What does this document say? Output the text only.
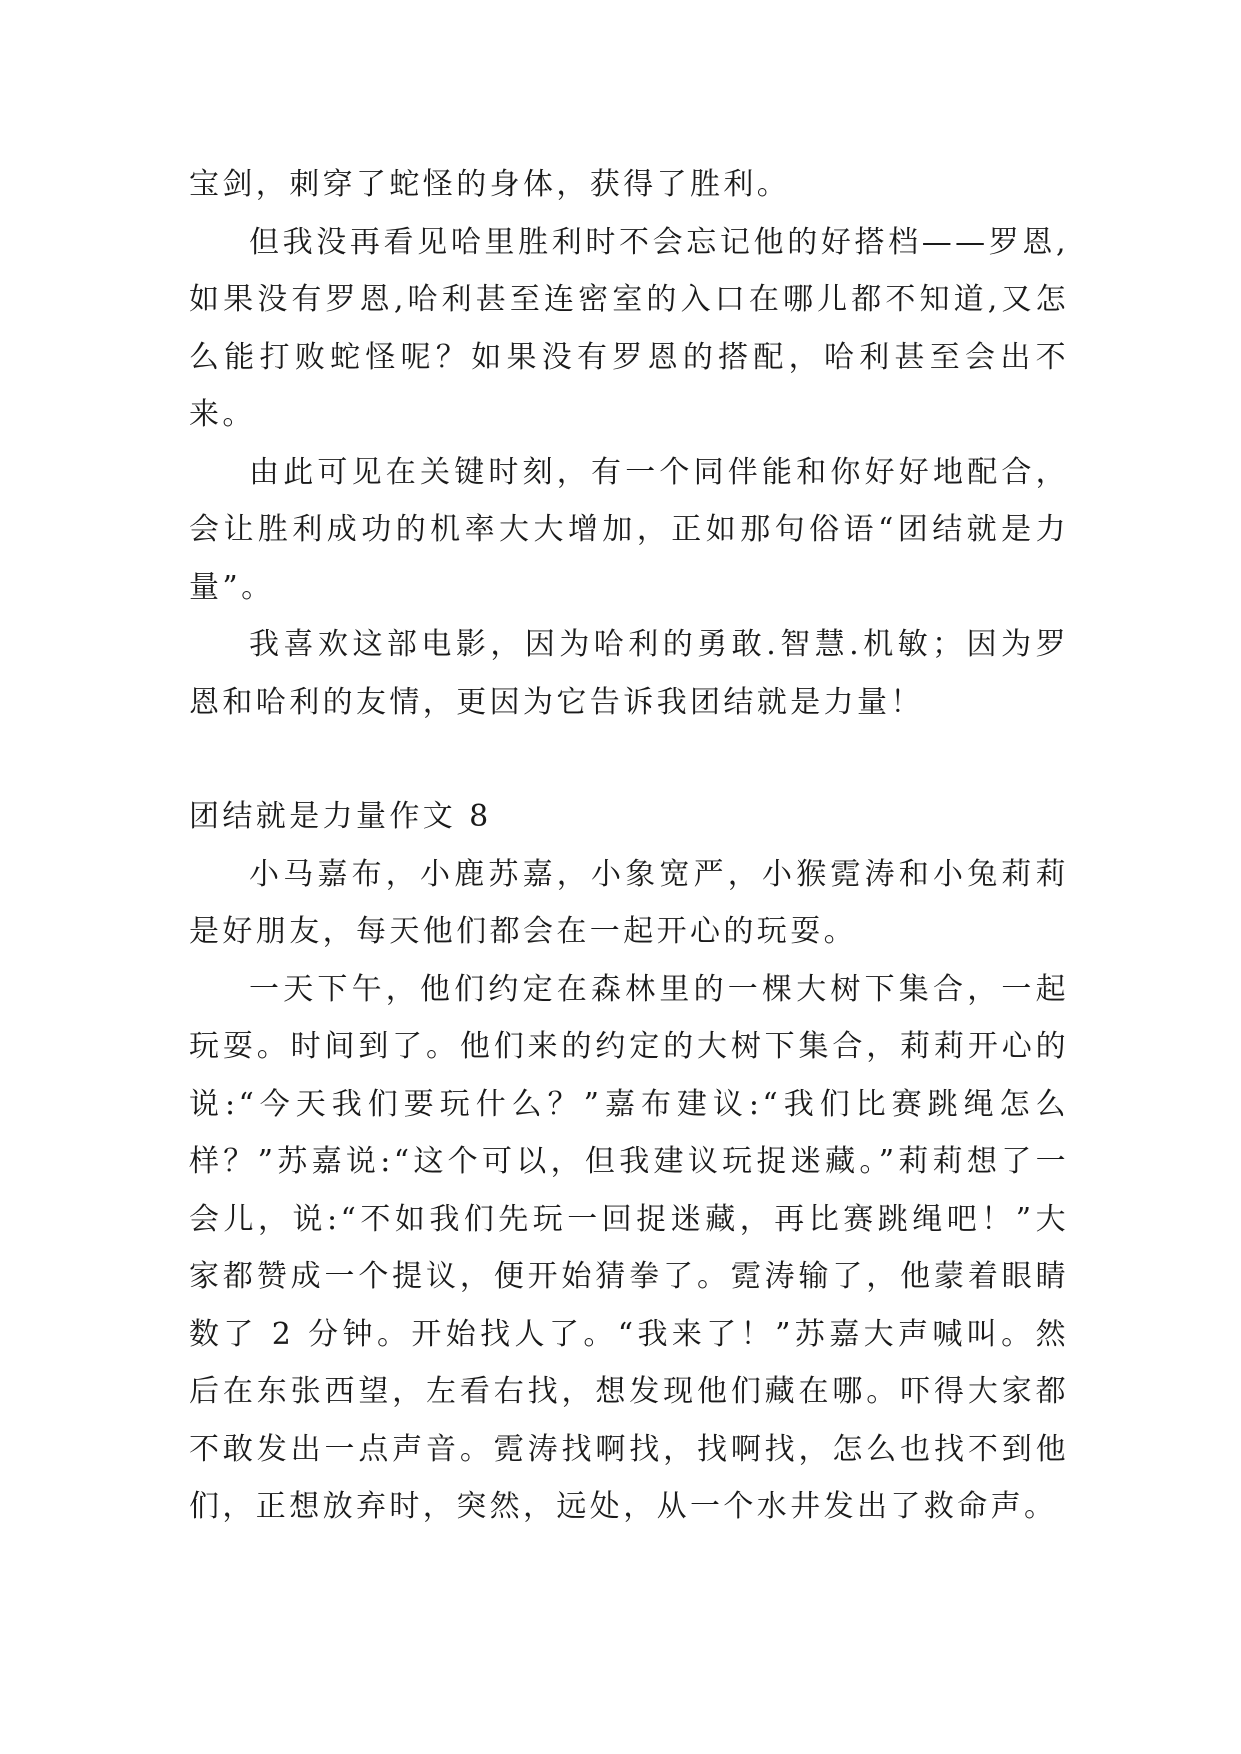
宝剑，刺穿了蛇怪的身体，获得了胜利。

但我没再看见哈里胜利时不会忘记他的好搭档——罗恩,如果没有罗恩,哈利甚至连密室的入口在哪儿都不知道,又怎么能打败蛇怪呢？如果没有罗恩的搭配，哈利甚至会出不来。

由此可见在关键时刻，有一个同伴能和你好好地配合，会让胜利成功的机率大大增加，正如那句俗语“团结就是力量”。

我喜欢这部电影，因为哈利的勇敢.智慧.机敏；因为罗恩和哈利的友情，更因为它告诉我团结就是力量！

团结就是力量作文 8

小马嘉布，小鹿苏嘉，小象宽严，小猴霓涛和小兔莉莉是好朋友，每天他们都会在一起开心的玩耍。

一天下午，他们约定在森林里的一棵大树下集合，一起玩耍。时间到了。他们来的约定的大树下集合，莉莉开心的说:“今天我们要玩什么？”嘉布建议:“我们比赛跳绳怎么样？”苏嘉说:“这个可以，但我建议玩捉迷藏。”莉莉想了一会儿，说:“不如我们先玩一回捉迷藏，再比赛跳绳吧！”大家都赞成一个提议，便开始猜拳了。霓涛输了，他蒙着眼睛数了 2 分钟。开始找人了。“我来了！”苏嘉大声喊叫。然后在东张西望，左看右找，想发现他们藏在哪。吓得大家都不敢发出一点声音。霓涛找啊找，找啊找，怎么也找不到他们，正想放弃时，突然，远处，从一个水井发出了救命声。
